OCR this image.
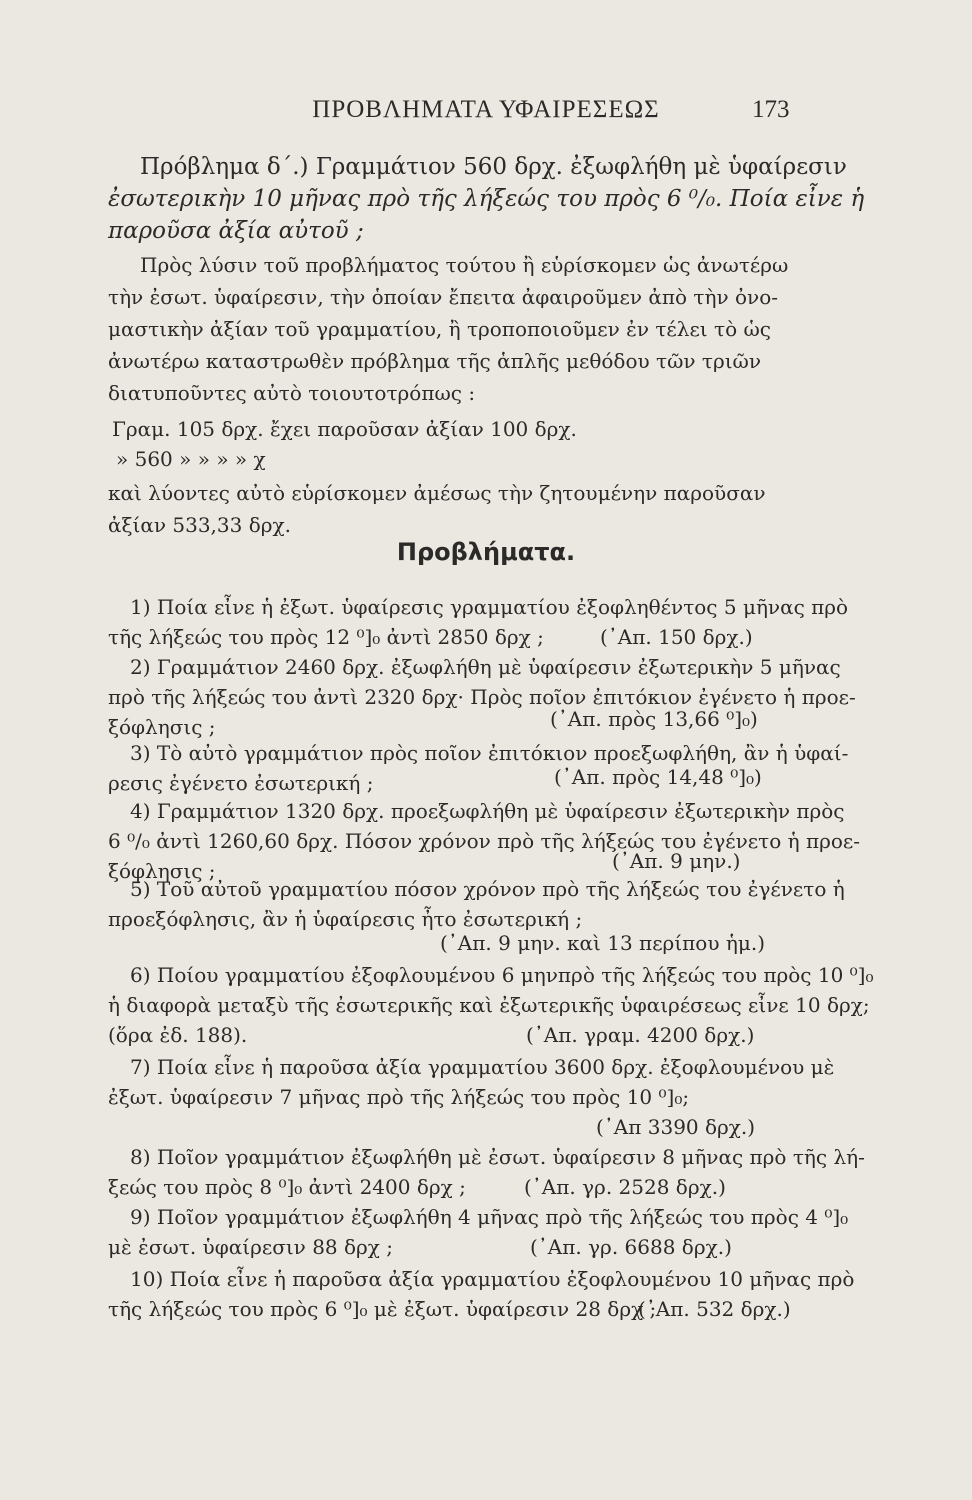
ΠΡΟΒΛΗΜΑΤΑ ΥΦΑΙΡΕΣΕΩΣ	173
Πρόβλημα δ΄.) Γραμμάτιον 560 δρχ. ἐξωφλήθη μὲ ὑφαίρεσιν
ἐσωτερικὴν 10 μῆνας πρὸ τῆς λήξεώς του πρὸς 6 ⁰/₀. Ποία εἶνε ἡ
παροῦσα ἀξία αὐτοῦ ;
Πρὸς λύσιν τοῦ προβλήματος τούτου ἢ εὑρίσκομεν ὡς ἀνωτέρω
τὴν ἐσωτ. ὑφαίρεσιν, τὴν ὁποίαν ἔπειτα ἀφαιροῦμεν ἀπὸ τὴν ὀνο-
μαστικὴν ἀξίαν τοῦ γραμματίου, ἢ τροποποιοῦμεν ἐν τέλει τὸ ὡς
ἀνωτέρω καταστρωθὲν πρόβλημα τῆς ἁπλῆς μεθόδου τῶν τριῶν
διατυποῦντες αὐτὸ τοιουτοτρόπως :
Γραμ. 105 δρχ. ἔχει παροῦσαν ἀξίαν 100 δρχ.
» 560 » » » » χ
καὶ λύοντες αὐτὸ εὑρίσκομεν ἀμέσως τὴν ζητουμένην παροῦσαν
ἀξίαν 533,33 δρχ.
Προβλήματα.
1) Ποία εἶνε ἡ ἐξωτ. ὑφαίρεσις γραμματίου ἐξοφληθέντος 5 μῆνας πρὸ
τῆς λήξεώς του πρὸς 12 ⁰]₀ ἀντὶ 2850 δρχ ;	(᾿Απ. 150 δρχ.)
2) Γραμμάτιον 2460 δρχ. ἐξωφλήθη μὲ ὑφαίρεσιν ἐξωτερικὴν 5 μῆνας
πρὸ τῆς λήξεώς του ἀντὶ 2320 δρχ· Πρὸς ποῖον ἐπιτόκιον ἐγένετο ἡ προε-
ξόφλησις ;	(᾿Απ. πρὸς 13,66 ⁰]₀)
3) Τὸ αὐτὸ γραμμάτιον πρὸς ποῖον ἐπιτόκιον προεξωφλήθη, ἂν ἡ ὑφαί-
ρεσις ἐγένετο ἐσωτερική ;	(᾿Απ. πρὸς 14,48 ⁰]₀)
4) Γραμμάτιον 1320 δρχ. προεξωφλήθη μὲ ὑφαίρεσιν ἐξωτερικὴν πρὸς
6 ⁰/₀ ἀντὶ 1260,60 δρχ. Πόσον χρόνον πρὸ τῆς λήξεώς του ἐγένετο ἡ προε-
ξόφλησις ;	(᾿Απ. 9 μην.)
5) Τοῦ αὐτοῦ γραμματίου πόσον χρόνον πρὸ τῆς λήξεώς του ἐγένετο ἡ
προεξόφλησις, ἂν ἡ ὑφαίρεσις ἦτο ἐσωτερική ;
(᾿Απ. 9 μην. καὶ 13 περίπου ἡμ.)
6) Ποίου γραμματίου ἐξοφλουμένου 6 μηνπρὸ τῆς λήξεώς του πρὸς 10 ⁰]₀
ἡ διαφορὰ μεταξὺ τῆς ἐσωτερικῆς καὶ ἐξωτερικῆς ὑφαιρέσεως εἶνε 10 δρχ;
(ὅρα ἐδ. 188).	(᾿Απ. γραμ. 4200 δρχ.)
7) Ποία εἶνε ἡ παροῦσα ἀξία γραμματίου 3600 δρχ. ἐξοφλουμένου μὲ
ἐξωτ. ὑφαίρεσιν 7 μῆνας πρὸ τῆς λήξεώς του πρὸς 10 ⁰]₀;
(᾿Απ 3390 δρχ.)
8) Ποῖον γραμμάτιον ἐξωφλήθη μὲ ἐσωτ. ὑφαίρεσιν 8 μῆνας πρὸ τῆς λή-
ξεώς του πρὸς 8 ⁰]₀ ἀντὶ 2400 δρχ ;	(᾿Απ. γρ. 2528 δρχ.)
9) Ποῖον γραμμάτιον ἐξωφλήθη 4 μῆνας πρὸ τῆς λήξεώς του πρὸς 4 ⁰]₀
μὲ ἐσωτ. ὑφαίρεσιν 88 δρχ ;	(᾿Απ. γρ. 6688 δρχ.)
10) Ποία εἶνε ἡ παροῦσα ἀξία γραμματίου ἐξοφλουμένου 10 μῆνας πρὸ
τῆς λήξεώς του πρὸς 6 ⁰]₀ μὲ ἐξωτ. ὑφαίρεσιν 28 δρχ ;
(᾿Απ. 532 δρχ.)
